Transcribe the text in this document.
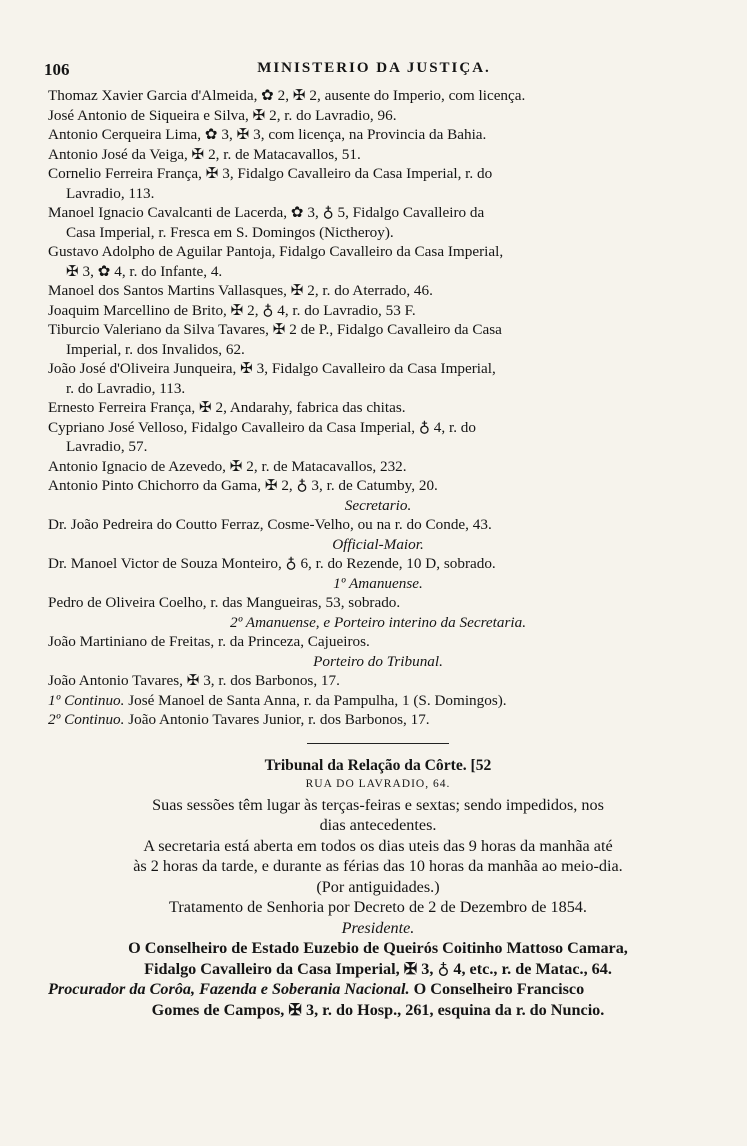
106	MINISTERIO DA JUSTIÇA.
Thomaz Xavier Garcia d'Almeida, ✿ 2, ✠ 2, ausente do Imperio, com licença.
José Antonio de Siqueira e Silva, ✠ 2, r. do Lavradio, 96.
Antonio Cerqueira Lima, ✿ 3, ✠ 3, com licença, na Provincia da Bahia.
Antonio José da Veiga, ✠ 2, r. de Matacavallos, 51.
Cornelio Ferreira França, ✠ 3, Fidalgo Cavalleiro da Casa Imperial, r. do
Lavradio, 113.
Manoel Ignacio Cavalcanti de Lacerda, ✿ 3, ♁ 5, Fidalgo Cavalleiro da
Casa Imperial, r. Fresca em S. Domingos (Nictheroy).
Gustavo Adolpho de Aguilar Pantoja, Fidalgo Cavalleiro da Casa Imperial,
✠ 3, ✿ 4, r. do Infante, 4.
Manoel dos Santos Martins Vallasques, ✠ 2, r. do Aterrado, 46.
Joaquim Marcellino de Brito, ✠ 2, ♁ 4, r. do Lavradio, 53 F.
Tiburcio Valeriano da Silva Tavares, ✠ 2 de P., Fidalgo Cavalleiro da Casa
Imperial, r. dos Invalidos, 62.
João José d'Oliveira Junqueira, ✠ 3, Fidalgo Cavalleiro da Casa Imperial,
r. do Lavradio, 113.
Ernesto Ferreira França, ✠ 2, Andarahy, fabrica das chitas.
Cypriano José Velloso, Fidalgo Cavalleiro da Casa Imperial, ♁ 4, r. do
Lavradio, 57.
Antonio Ignacio de Azevedo, ✠ 2, r. de Matacavallos, 232.
Antonio Pinto Chichorro da Gama, ✠ 2, ♁ 3, r. de Catumby, 20.
Secretario.
Dr. João Pedreira do Coutto Ferraz, Cosme-Velho, ou na r. do Conde, 43.
Official-Maior.
Dr. Manoel Victor de Souza Monteiro, ♁ 6, r. do Rezende, 10 D, sobrado.
1º Amanuense.
Pedro de Oliveira Coelho, r. das Mangueiras, 53, sobrado.
2º Amanuense, e Porteiro interino da Secretaria.
João Martiniano de Freitas, r. da Princeza, Cajueiros.
Porteiro do Tribunal.
João Antonio Tavares, ✠ 3, r. dos Barbonos, 17.
1º Continuo. José Manoel de Santa Anna, r. da Pampulha, 1 (S. Domingos).
2º Continuo. João Antonio Tavares Junior, r. dos Barbonos, 17.
Tribunal da Relação da Côrte. [52
RUA DO LAVRADIO, 64.
Suas sessões têm lugar às terças-feiras e sextas; sendo impedidos, nos
dias antecedentes.
A secretaria está aberta em todos os dias uteis das 9 horas da manhãa até
às 2 horas da tarde, e durante as férias das 10 horas da manhãa ao meio-dia.
(Por antiguidades.)
Tratamento de Senhoria por Decreto de 2 de Dezembro de 1854.
Presidente.
O Conselheiro de Estado Euzebio de Queirós Coitinho Mattoso Camara,
Fidalgo Cavalleiro da Casa Imperial, ✠ 3, ♁ 4, etc., r. de Matac., 64.
Procurador da Corôa, Fazenda e Soberania Nacional. O Conselheiro Francisco
Gomes de Campos, ✠ 3, r. do Hosp., 261, esquina da r. do Nuncio.
